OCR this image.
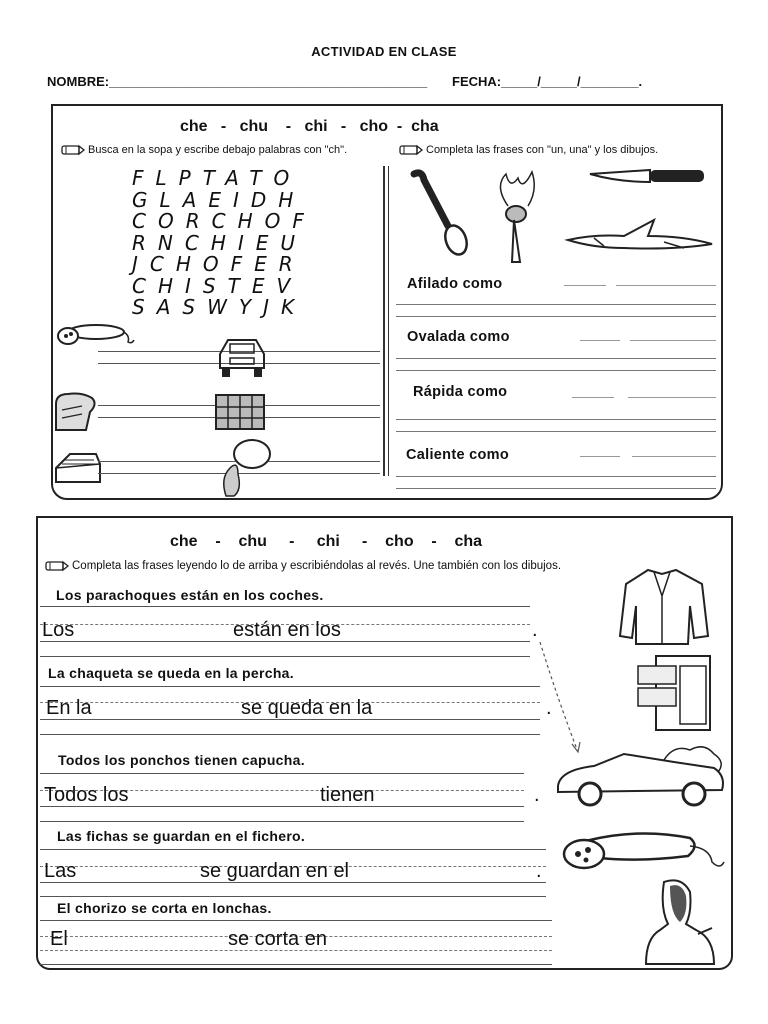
ACTIVIDAD EN CLASE
NOMBRE:____________________________________________ FECHA:_____/_____/________.
che   -   chu    -   chi   -   cho  -  cha
Busca en la sopa y escribe debajo palabras con "ch".	Completa las frases con "un, una" y los dibujos.
FLPTATO
GLAEIDH
CORCHOF
RNCHIEU
JCHOFER
CHISTEV
SASWYJK
Afilado como
Ovalada como
Rápida como
Caliente como
che    -    chu     -     chi     -    cho    -    cha
Completa las frases leyendo lo de arriba y escribiéndolas al revés. Une también con los dibujos.
Los parachoques están en los coches.
Los	están en los	.
La chaqueta se queda en la percha.
En la	se queda en la	.
Todos los ponchos tienen capucha.
Todos los	tienen	.
Las fichas se guardan en el fichero.
Las	se guardan en el	.
El chorizo se corta en lonchas.
El	se corta en
